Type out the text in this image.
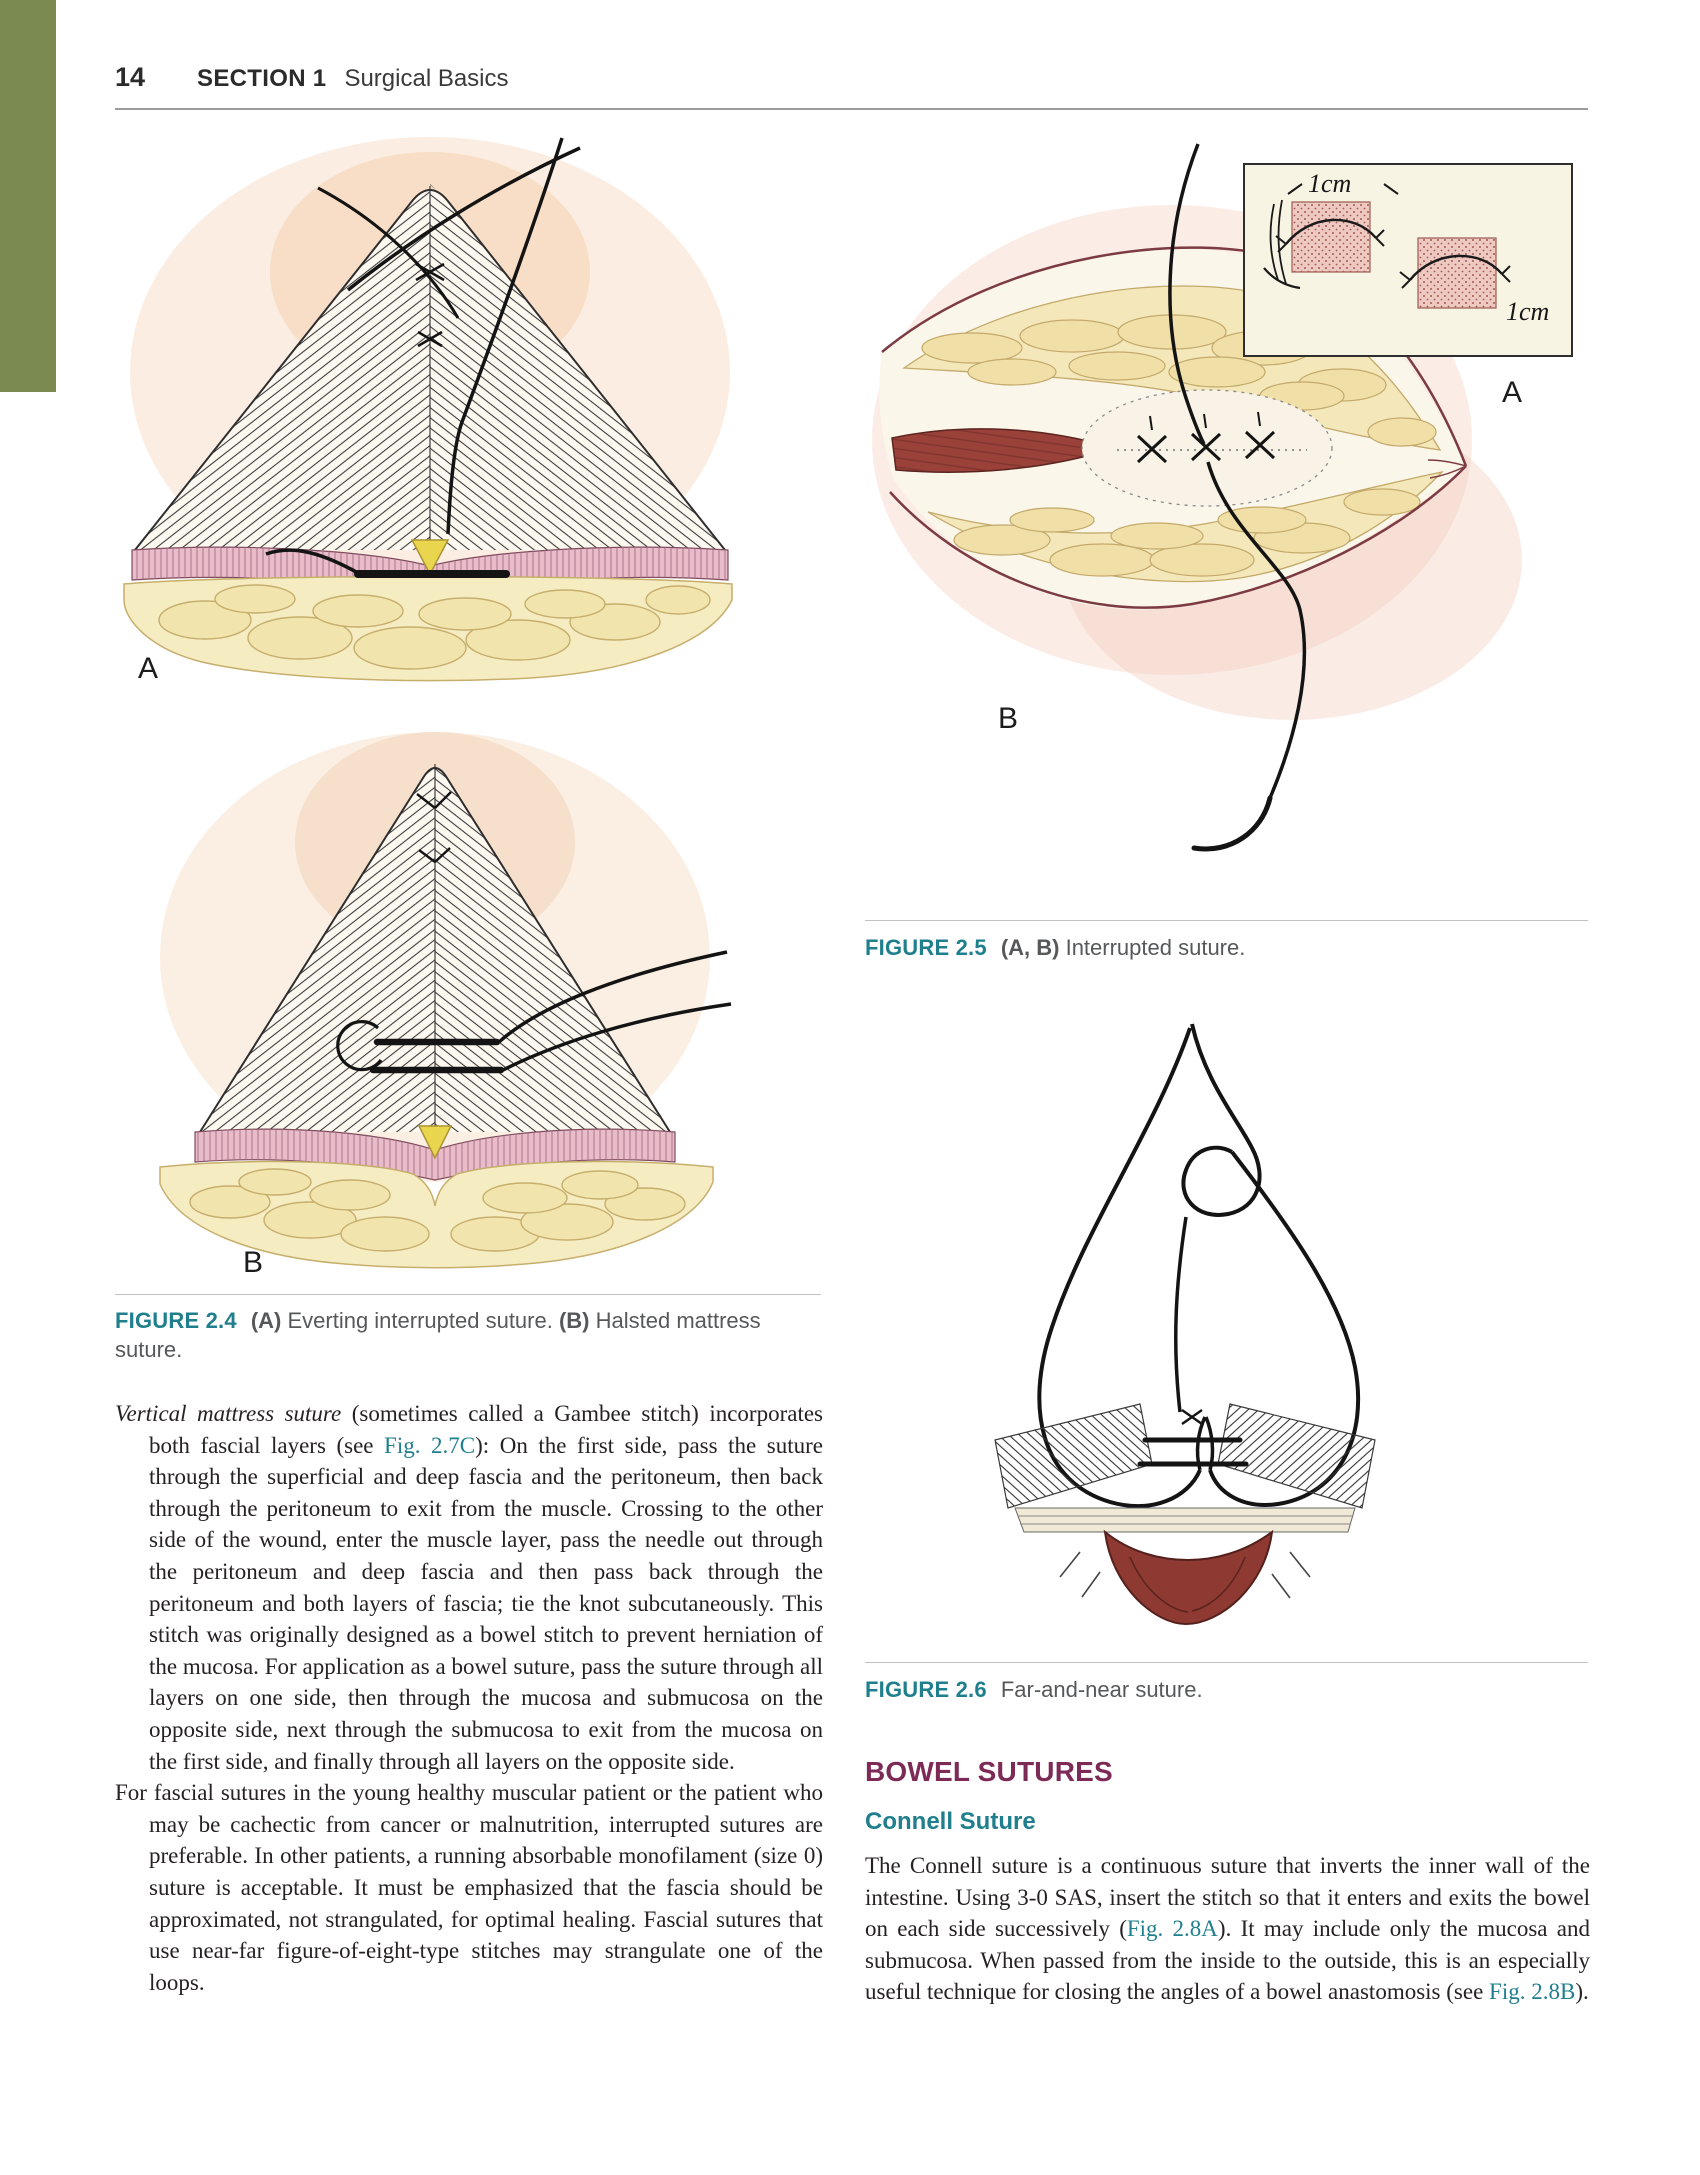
14 SECTION 1 Surgical Basics
A
B
FIGURE 2.4 (A) Everting interrupted suture. (B) Halsted mattress suture.

Vertical mattress suture (sometimes called a Gambee stitch) incorporates both fascial layers (see Fig. 2.7C): On the first side, pass the suture through the superficial and deep fascia and the peritoneum, then back through the peritoneum to exit from the muscle. Crossing to the other side of the wound, enter the muscle layer, pass the needle out through the peritoneum and deep fascia and then pass back through the peritoneum and both layers of fascia; tie the knot subcutaneously. This stitch was originally designed as a bowel stitch to prevent herniation of the mucosa. For application as a bowel suture, pass the suture through all layers on one side, then through the mucosa and submucosa on the opposite side, next through the submucosa to exit from the mucosa on the first side, and finally through all layers on the opposite side.

For fascial sutures in the young healthy muscular patient or the patient who may be cachectic from cancer or malnutrition, interrupted sutures are preferable. In other patients, a running absorbable monofilament (size 0) suture is acceptable. It must be emphasized that the fascia should be approximated, not strangulated, for optimal healing. Fascial sutures that use near-far figure-of-eight-type stitches may strangulate one of the loops.

1cm
1cm
A
B
FIGURE 2.5 (A, B) Interrupted suture.
FIGURE 2.6 Far-and-near suture.
BOWEL SUTURES
Connell Suture
The Connell suture is a continuous suture that inverts the inner wall of the intestine. Using 3-0 SAS, insert the stitch so that it enters and exits the bowel on each side successively (Fig. 2.8A). It may include only the mucosa and submucosa. When passed from the inside to the outside, this is an especially useful technique for closing the angles of a bowel anastomosis (see Fig. 2.8B).
